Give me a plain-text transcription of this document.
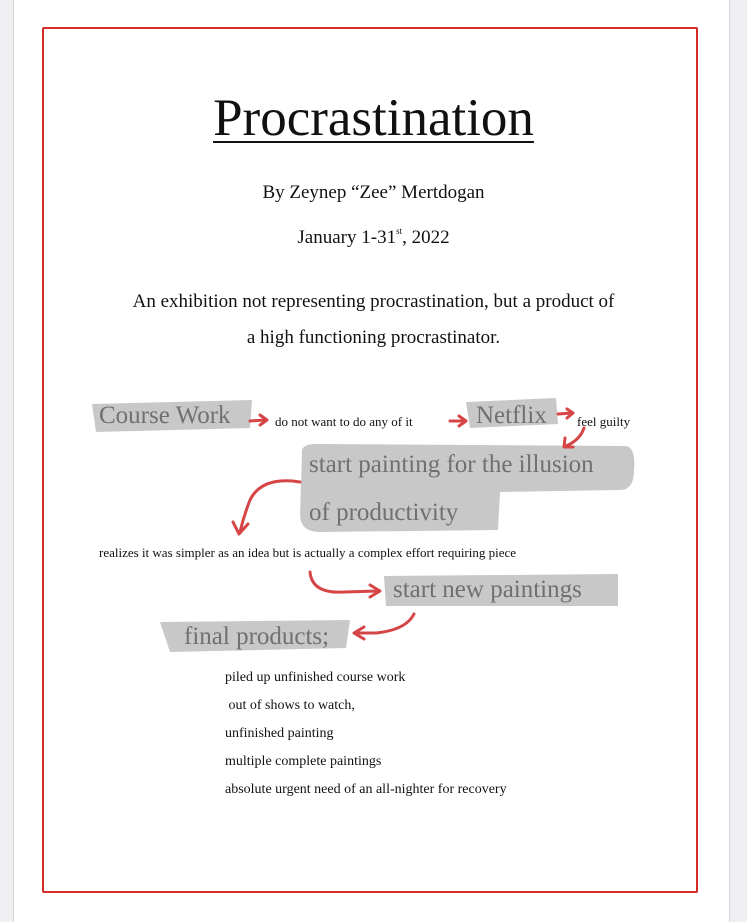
Procrastination
By Zeynep “Zee” Mertdogan
January 1-31st, 2022
An exhibition not representing procrastination, but a product of
a high functioning procrastinator.
Course Work	do not want to do any of it	Netflix feel guilty
start painting for the illusion
of productivity
realizes it was simpler as an idea but is actually a complex effort requiring piece
start new paintings
final products;
piled up unfinished course work
out of shows to watch,
unfinished painting
multiple complete paintings
absolute urgent need of an all-nighter for recovery
